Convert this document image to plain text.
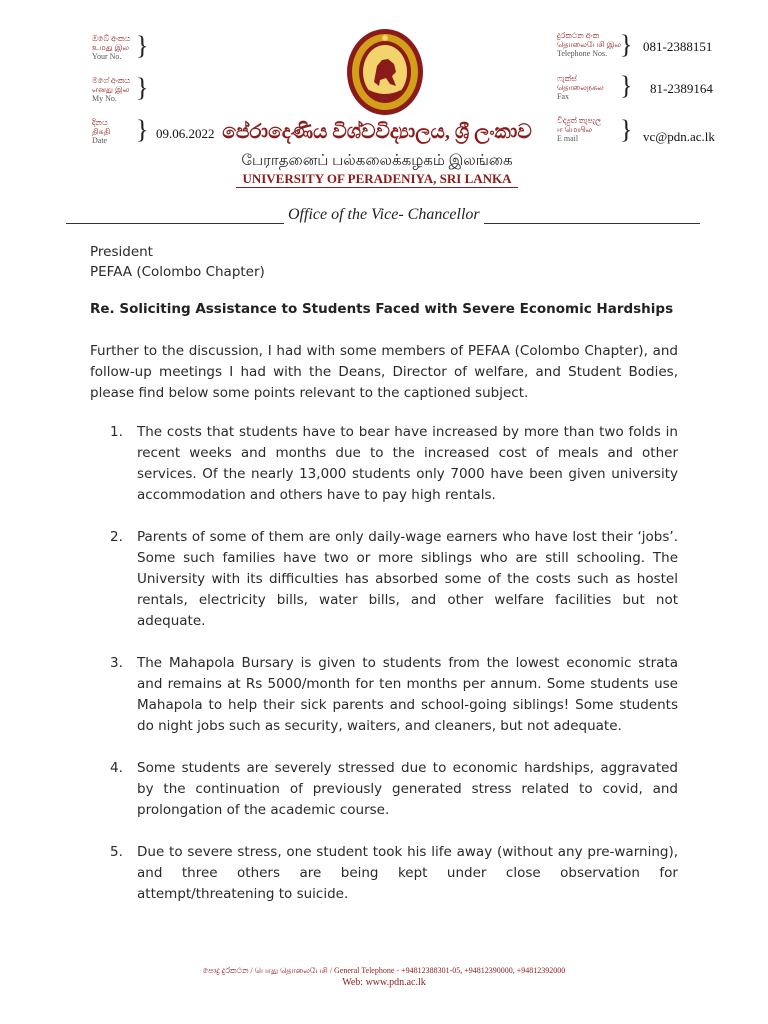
ඔබේ අංකය
உமது இல
Your No. }
මගේ අංකය
எனது இல
My No. }
දිනය
திகதி
Date } 09.06.2022 පේරාදෙණිය විශ්වවිද්‍යාලය, ශ්‍රී ලංකාව
பேராதனைப் பல்கலைக்கழகம் இலங்கை
UNIVERSITY OF PERADENIYA, SRI LANKA
දුරකථන අංක
தொலைபேசி இல
Telephone Nos. } 081-2388151
ෆැක්ස්
தொலைநகல
Fax	} 81-2389164
විද්‍යුත් තැපැල
ஈ மெயில
E mail	} vc@pdn.ac.lk
Office of the Vice- Chancellor
President
PEFAA (Colombo Chapter)
Re. Soliciting Assistance to Students Faced with Severe Economic Hardships
Further to the discussion, I had with some members of PEFAA (Colombo Chapter), and follow-up meetings I had with the Deans, Director of welfare, and Student Bodies, please find below some points relevant to the captioned subject.
1. The costs that students have to bear have increased by more than two folds in recent weeks and months due to the increased cost of meals and other services. Of the nearly 13,000 students only 7000 have been given university accommodation and others have to pay high rentals.
2. Parents of some of them are only daily-wage earners who have lost their ‘jobs’. Some such families have two or more siblings who are still schooling. The University with its difficulties has absorbed some of the costs such as hostel rentals, electricity bills, water bills, and other welfare facilities but not adequate.
3. The Mahapola Bursary is given to students from the lowest economic strata and remains at Rs 5000/month for ten months per annum. Some students use Mahapola to help their sick parents and school-going siblings! Some students do night jobs such as security, waiters, and cleaners, but not adequate.
4. Some students are severely stressed due to economic hardships, aggravated by the continuation of previously generated stress related to covid, and prolongation of the academic course.
5. Due to severe stress, one student took his life away (without any pre-warning), and three others are being kept under close observation for attempt/threatening to suicide.
පොදු දුරකථන / பொது தொலைபேசி / General Telephone - +94812388301-05, +94812390000, +94812392000
Web: www.pdn.ac.lk
